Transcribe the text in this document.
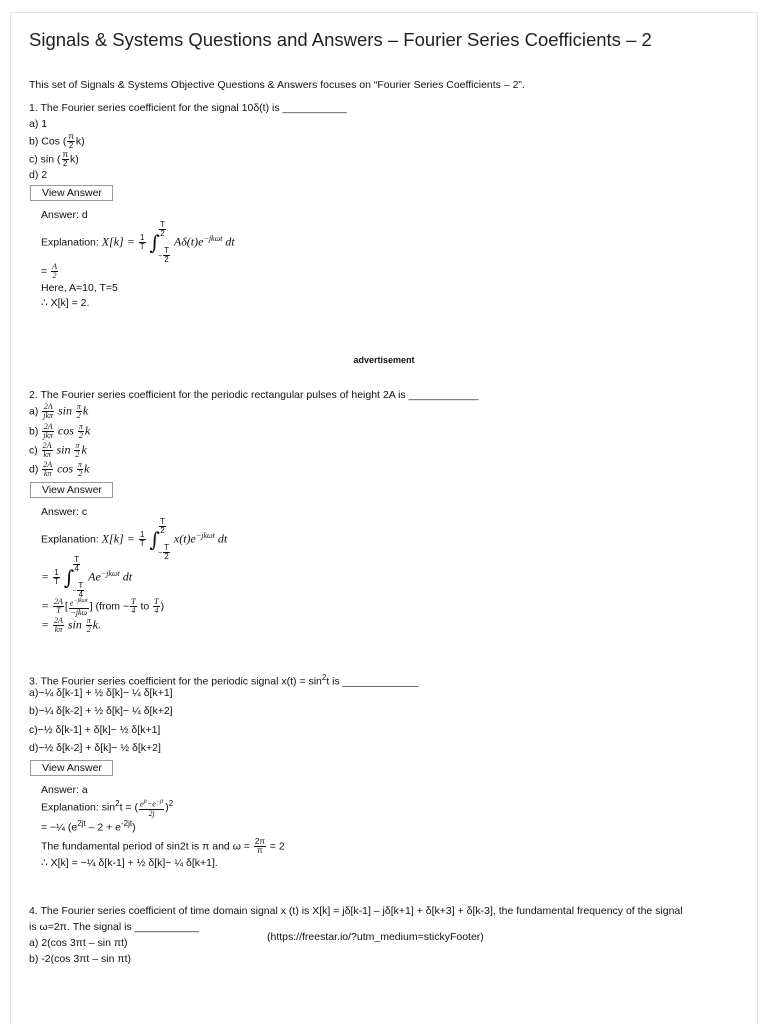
Signals & Systems Questions and Answers – Fourier Series Coefficients – 2
This set of Signals & Systems Objective Questions & Answers focuses on “Fourier Series Coefficients – 2”.
1. The Fourier series coefficient for the signal 10δ(t) is ___________
a) 1
b) Cos ( $\frac{\pi}{2} k$)
c) sin ( $\frac{\pi}{2} k$)
d) 2
View Answer
Answer: d
Explanation: $X[k] = \frac{1}{T}$ ∫
$\frac{T}{2}$

− $\frac{T}{2}$
$A\delta(t)e^{-jk\omega t}$ dt
= $\frac{A}{2}$
Here, A=10, T=5
∴ X[k] = 2.
advertisement
2. The Fourier series coefficient for the periodic rectangular pulses of height 2A is ____________
$a) \frac{2A}{\text{jkπ}}$ $\sin \frac{\pi}{2}$ k
$b) \frac{2A}{\text{jkπ}}$ $\cos \frac{\pi}{2}$ k
$c) \frac{2A}{k\pi}$ $\sin \frac{\pi}{2}$ k
$d) \frac{2A}{k\pi}$ $\cos \frac{\pi}{2}$ k
View Answer
Answer: c
Explanation: $X[k] = \frac{1}{T}$ ∫
$\frac{T}{2}$

− $\frac{T}{2}$
$x(t)e^{-jk\omega t}$ dt
= $\frac{1}{T}$ ∫
$\frac{T}{4}$

− $\frac{T}{4}$
$Ae^{-jk\omega t}$ dt
= $\frac{2A}{T}$ [ $\frac{e^{-jk\omega t}}{\text{−jkω}}$ ] (from − $\frac{T}{4}$ to $\frac{T}{4}$ )
= $\frac{2A}{k\pi}$ $\sin \frac{\pi}{2} k$.
3. The Fourier series coefficient for the periodic signal $x(t) = \sin^2t$ is _____________
a)−¼ δ[k-1] + ½ δ[k]− ¼ δ[k+1]
b)−¼ δ[k-2] + ½ δ[k]− ¼ δ[k+2]
c)−½ δ[k-1] + δ[k]− ½ δ[k+1]
d)−½ δ[k-2] + δ[k]− ½ δ[k+2]
View Answer
Answer: a
Explanation: $\sin^2t$ = ( $\frac{e^{jt}-e^{-jt}}{2j} )^2$
= −¼ $(e^{2jt} - 2 + e^{-2jt})$
The fundamental period of sin2t is π and $\omega = \frac{2\pi}{\pi} = 2$
∴ X[k] = −¼ δ[k-1] + ½ δ[k]− ¼ δ[k+1].
4. The Fourier series coefficient of time domain signal x (t) is X[k] = jδ[k-1] – jδ[k+1] + δ[k+3] + δ[k-3], the fundamental frequency of the signal
is ω=2π. The signal is ___________
(https://freestar.io/?utm_medium=stickyFooter)
a) 2(cos 3πt – sin πt)
b) -2(cos 3πt – sin πt)
